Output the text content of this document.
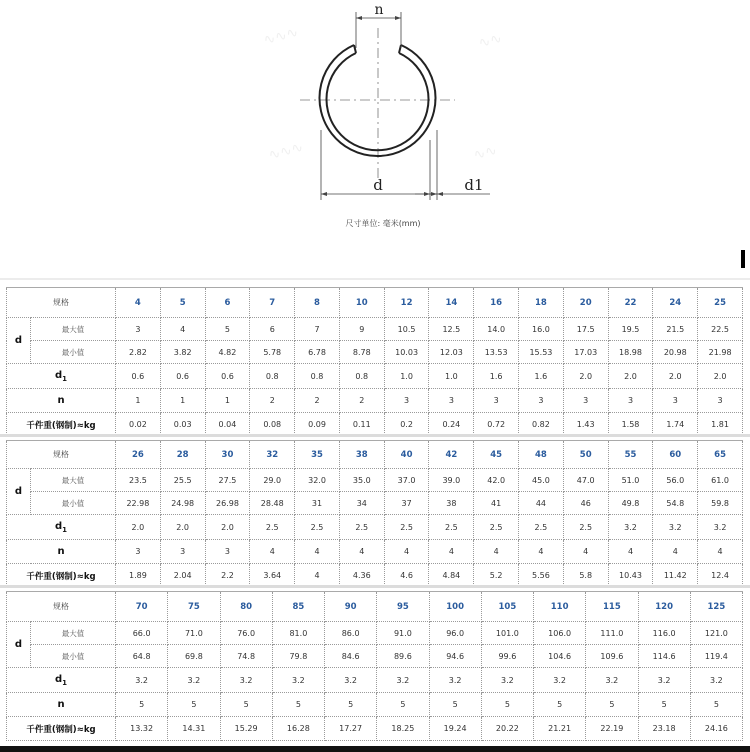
∿∿∿	∿∿
∿∿∿	∿∿
n
d	d1
尺寸单位: 毫米(mm)
规格		4	5	6	7	8	10	12	14	16	18	20	22	24	25
d	最大值	3	4	5	6	7	9	10.5	12.5	14.0	16.0	17.5	19.5	21.5	22.5
	最小值	2.82	3.82	4.82	5.78	6.78	8.78	10.03	12.03	13.53	15.53	17.03	18.98	20.98	21.98
$d_1$		0.6	0.6	0.6	0.8	0.8	0.8	1.0	1.0	1.6	1.6	2.0	2.0	2.0	2.0
n		1	1	1	2	2	2	3	3	3	3	3	3	3	3
千件重(钢制)≈kg		0.02	0.03	0.04	0.08	0.09	0.11	0.2	0.24	0.72	0.82	1.43	1.58	1.74	1.81
规格		26	28	30	32	35	38	40	42	45	48	50	55	60	65
d	最大值	23.5	25.5	27.5	29.0	32.0	35.0	37.0	39.0	42.0	45.0	47.0	51.0	56.0	61.0
	最小值	22.98	24.98	26.98	28.48	31	34	37	38	41	44	46	49.8	54.8	59.8
$d_1$		2.0	2.0	2.0	2.5	2.5	2.5	2.5	2.5	2.5	2.5	2.5	3.2	3.2	3.2
n		3	3	3	4	4	4	4	4	4	4	4	4	4	4
千件重(钢制)≈kg		1.89	2.04	2.2	3.64	4	4.36	4.6	4.84	5.2	5.56	5.8	10.43	11.42	12.4
规格		70	75	80	85	90	95	100	105	110	115	120	125
d	最大值	66.0	71.0	76.0	81.0	86.0	91.0	96.0	101.0	106.0	111.0	116.0	121.0
	最小值	64.8	69.8	74.8	79.8	84.6	89.6	94.6	99.6	104.6	109.6	114.6	119.4
$d_1$		3.2	3.2	3.2	3.2	3.2	3.2	3.2	3.2	3.2	3.2	3.2	3.2
n		5	5	5	5	5	5	5	5	5	5	5	5
千件重(钢制)≈kg		13.32	14.31	15.29	16.28	17.27	18.25	19.24	20.22	21.21	22.19	23.18	24.16
